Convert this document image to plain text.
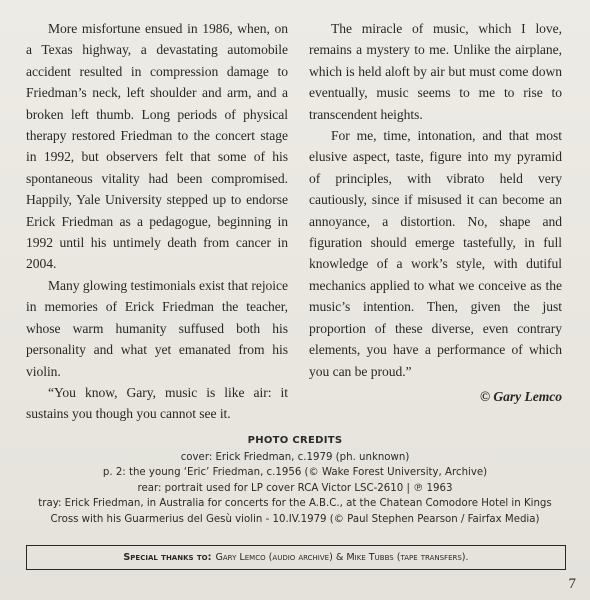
More misfortune ensued in 1986, when, on a Texas highway, a devastating automobile accident resulted in compression damage to Friedman’s neck, left shoulder and arm, and a broken left thumb. Long periods of physical therapy restored Friedman to the concert stage in 1992, but observers felt that some of his spontaneous vitality had been compromised. Happily, Yale University stepped up to endorse Erick Friedman as a pedagogue, beginning in 1992 until his untimely death from cancer in 2004.

Many glowing testimonials exist that rejoice in memories of Erick Friedman the teacher, whose warm humanity suffused both his personality and what yet emanated from his violin.

“You know, Gary, music is like air: it sustains you though you cannot see it.

The miracle of music, which I love, remains a mystery to me. Unlike the airplane, which is held aloft by air but must come down eventually, music seems to me to rise to transcendent heights.

For me, time, intonation, and that most elusive aspect, taste, figure into my pyramid of principles, with vibrato held very cautiously, since if misused it can become an annoyance, a distortion. No, shape and figuration should emerge tastefully, in full knowledge of a work’s style, with dutiful mechanics applied to what we conceive as the music’s intention. Then, given the just proportion of these diverse, even contrary elements, you have a performance of which you can be proud.”

© Gary Lemco

PHOTO CREDITS
cover: Erick Friedman, c.1979 (ph. unknown)
p. 2: the young ‘Eric’ Friedman, c.1956 (© Wake Forest University, Archive)
rear: portrait used for LP cover RCA Victor LSC-2610 | ℗ 1963
tray: Erick Friedman, in Australia for concerts for the A.B.C., at the Chatean Comodore Hotel in Kings
Cross with his Guarmerius del Gesù violin - 10.IV.1979 (© Paul Stephen Pearson / Fairfax Media)
Special thanks to: Gary Lemco (audio archive) & Mike Tubbs (tape transfers).
7
